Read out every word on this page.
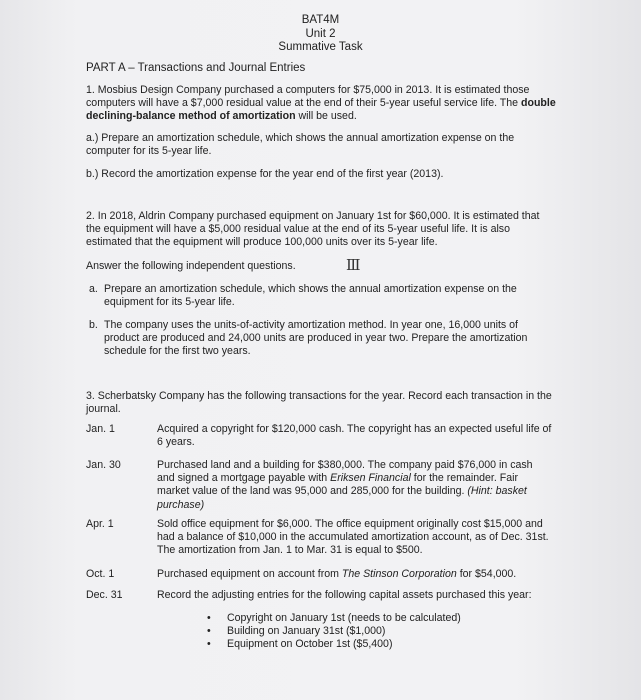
BAT4M
Unit 2
Summative Task
PART A – Transactions and Journal Entries
1. Mosbius Design Company purchased a computers for $75,000 in 2013. It is estimated those computers will have a $7,000 residual value at the end of their 5-year useful service life. The double declining-balance method of amortization will be used.
a.) Prepare an amortization schedule, which shows the annual amortization expense on the computer for its 5-year life.
b.) Record the amortization expense for the year end of the first year (2013).
2. In 2018, Aldrin Company purchased equipment on January 1st for $60,000. It is estimated that the equipment will have a $5,000 residual value at the end of its 5-year useful life. It is also estimated that the equipment will produce 100,000 units over its 5-year life.
Answer the following independent questions.	Ⅲ
a. Prepare an amortization schedule, which shows the annual amortization expense on the equipment for its 5-year life.
b. The company uses the units-of-activity amortization method. In year one, 16,000 units of product are produced and 24,000 units are produced in year two. Prepare the amortization schedule for the first two years.
3. Scherbatsky Company has the following transactions for the year. Record each transaction in the journal.
Jan. 1	Acquired a copyright for $120,000 cash. The copyright has an expected useful life of 6 years.
Jan. 30	Purchased land and a building for $380,000. The company paid $76,000 in cash and signed a mortgage payable with Eriksen Financial for the remainder. Fair market value of the land was 95,000 and 285,000 for the building. (Hint: basket purchase)
Apr. 1	Sold office equipment for $6,000. The office equipment originally cost $15,000 and had a balance of $10,000 in the accumulated amortization account, as of Dec. 31st. The amortization from Jan. 1 to Mar. 31 is equal to $500.
Oct. 1	Purchased equipment on account from The Stinson Corporation for $54,000.
Dec. 31	Record the adjusting entries for the following capital assets purchased this year:
• Copyright on January 1st (needs to be calculated)
• Building on January 31st ($1,000)
• Equipment on October 1st ($5,400)
